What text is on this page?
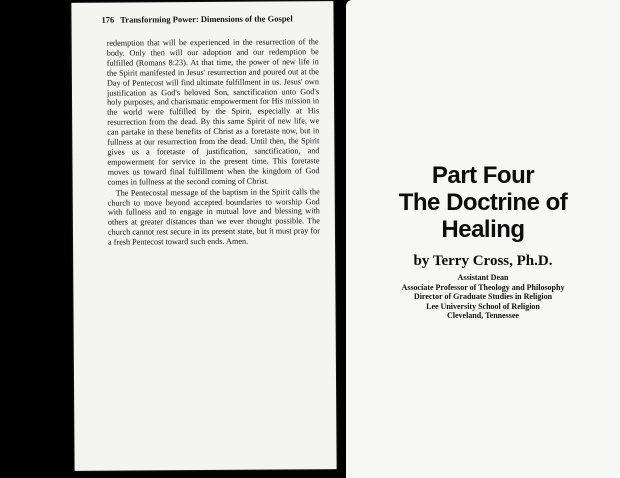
176 Transforming Power: Dimensions of the Gospel

redemption that will be experienced in the resurrection of the body. Only then will our adoption and our redemption be fulfilled (Romans 8:23). At that time, the power of new life in the Spirit manifested in Jesus' resurrection and poured out at the Day of Pentecost will find ultimate fulfillment in us. Jesus' own justification as God's beloved Son, sanctification unto God's holy purposes, and charismatic empowerment for His mission in the world were fulfilled by the Spirit, especially at His resurrection from the dead. By this same Spirit of new life, we can partake in these benefits of Christ as a foretaste now, but in fullness at our resurrection from the dead. Until then, the Spirit gives us a foretaste of justification, sanctification, and empowerment for service in the present time. This foretaste moves us toward final fulfillment when the kingdom of God comes in fullness at the second coming of Christ.

The Pentecostal message of the baptism in the Spirit calls the church to move beyond accepted boundaries to worship God with fullness and to engage in mutual love and blessing with others at greater distances than we ever thought possible. The church cannot rest secure in its present state, but it must pray for a fresh Pentecost toward such ends. Amen.

Part Four
The Doctrine of
Healing
by Terry Cross, Ph.D.
Assistant Dean
Associate Professor of Theology and Philosophy
Director of Graduate Studies in Religion
Lee University School of Religion
Cleveland, Tennessee
